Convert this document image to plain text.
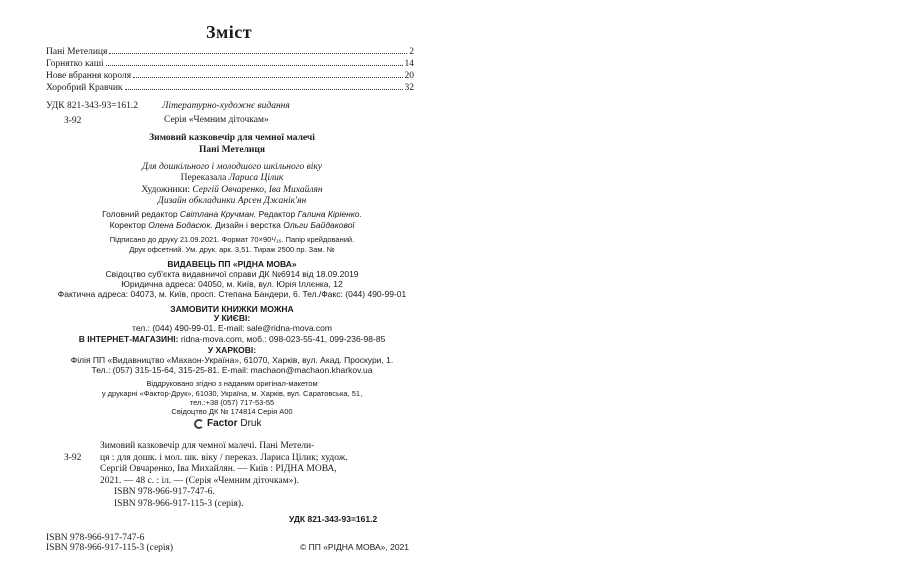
Зміст
Пані Метелиця	2
Горнятко каші	14
Нове вбрання короля	20
Хоробрий Кравчик	32
УДК 821-343-93=161.2	Літературно-художнє видання
Серія «Чемним діточкам»
З-92
Зимовий казковечір для чемної малечі
Пані Метелиця
Для дошкільного і молодшого шкільного віку
Переказала Лариса Цілик
Художники: Сергій Овчаренко, Іва Михайлян
Дизайн обкладинки Арсен Джанік'ян
Головний редактор Світлана Кручман. Редактор Галина Кіріенко.
Коректор Олена Бодасюк. Дизайн і верстка Ольги Байдакової
Підписано до друку 21.09.2021. Формат 70×90¹/₁₆. Папір крейдований.
Друк офсетний. Ум. друк. арк. 3,51. Тираж 2500 пр. Зам. №
ВИДАВЕЦЬ ПП «РІДНА МОВА»
Свідоцтво суб'єкта видавничої справи ДК №6914 від 18.09.2019
Юридична адреса: 04050, м. Київ, вул. Юрія Іллєнка, 12
Фактична адреса: 04073, м. Київ, просп. Степана Бандери, 6. Тел./Факс: (044) 490-99-01
ЗАМОВИТИ КНИЖКИ МОЖНА
У КИЄВІ:
тел.: (044) 490-99-01. E-mail: sale@ridna-mova.com
В ІНТЕРНЕТ-МАГАЗИНІ: ridna-mova.com, моб.: 098-023-55-41, 099-236-98-85
У ХАРКОВІ:
Філія ПП «Видавництво «Махаон-Україна», 61070, Харків, вул. Акад. Проскури, 1.
Тел.: (057) 315-15-64, 315-25-81. E-mail: machaon@machaon.kharkov.ua
Віддруковано згідно з наданим оригінал-макетом
у друкарні «Фактор-Друк», 61030, Україна, м. Харків, вул. Саратовська, 51,
тел.:+38 (057) 717-53-55
Свідоцтво ДК № 174814 Серія А00
Factor Druk
З-92
Зимовий казковечір для чемної малечі. Пані Метели-
ця : для дошк. і мол. шк. віку / переказ. Лариса Цілик; худож.
Сергій Овчаренко, Іва Михайлян. — Київ : РІДНА МОВА,
2021. — 48 с. : іл. — (Серія «Чемним діточкам»).
ISBN 978-966-917-747-6.
ISBN 978-966-917-115-3 (серія).
УДК 821-343-93=161.2
ISBN 978-966-917-747-6
ISBN 978-966-917-115-3 (серія)	© ПП «РІДНА МОВА», 2021
